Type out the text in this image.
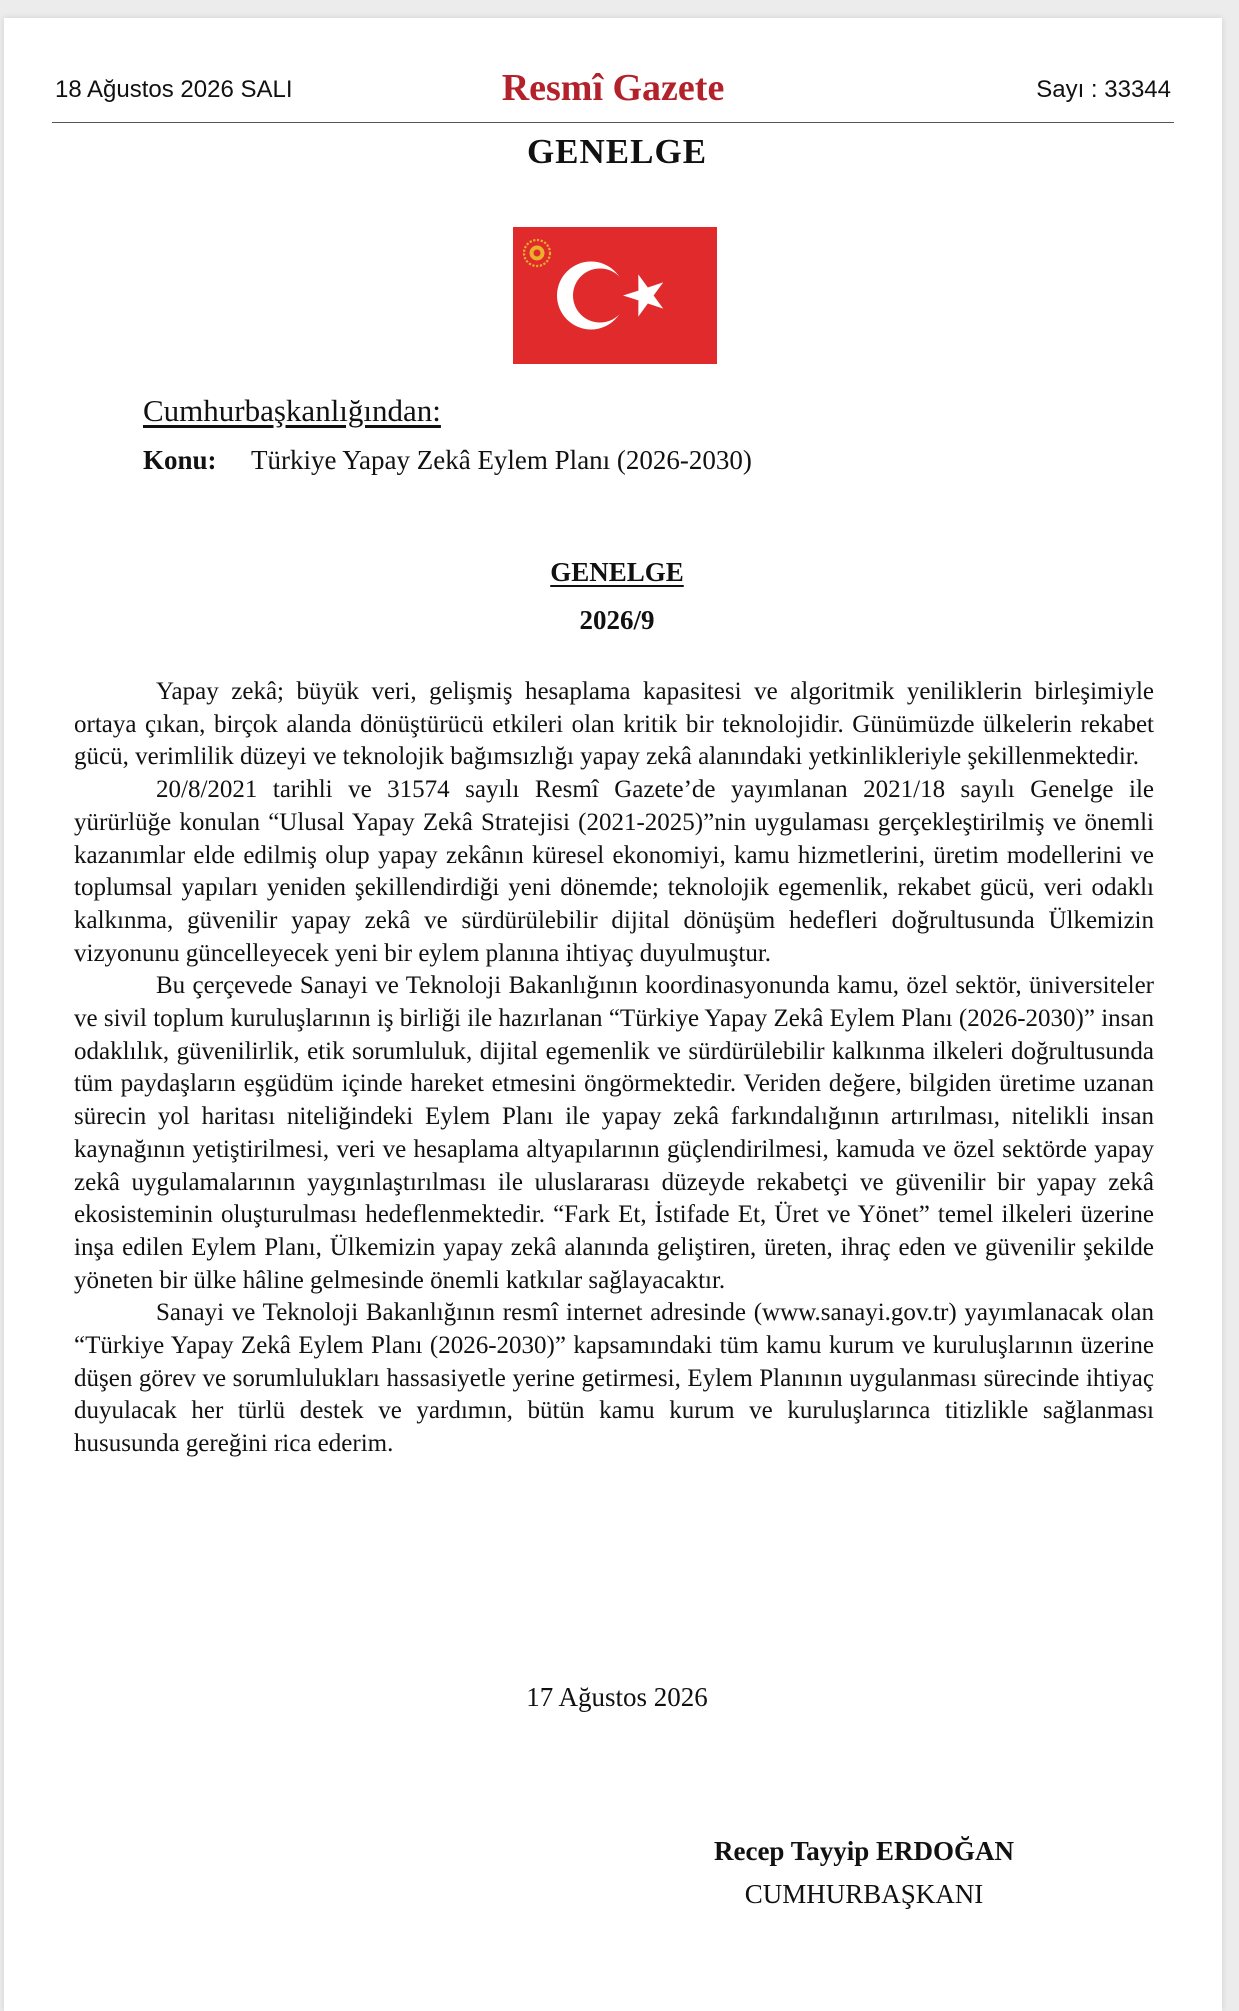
18 Ağustos 2026 SALI	Resmî Gazete	Sayı : 33344
GENELGE
Cumhurbaşkanlığından:
Konu: Türkiye Yapay Zekâ Eylem Planı (2026-2030)
GENELGE
2026/9

Yapay zekâ; büyük veri, gelişmiş hesaplama kapasitesi ve algoritmik yeniliklerin birleşimiyle ortaya çıkan, birçok alanda dönüştürücü etkileri olan kritik bir teknolojidir. Günümüzde ülkelerin rekabet gücü, verimlilik düzeyi ve teknolojik bağımsızlığı yapay zekâ alanındaki yetkinlikleriyle şekillenmektedir.

20/8/2021 tarihli ve 31574 sayılı Resmî Gazete’de yayımlanan 2021/18 sayılı Genelge ile yürürlüğe konulan “Ulusal Yapay Zekâ Stratejisi (2021-2025)”nin uygulaması gerçekleştirilmiş ve önemli kazanımlar elde edilmiş olup yapay zekânın küresel ekonomiyi, kamu hizmetlerini, üretim modellerini ve toplumsal yapıları yeniden şekillendirdiği yeni dönemde; teknolojik egemenlik, rekabet gücü, veri odaklı kalkınma, güvenilir yapay zekâ ve sürdürülebilir dijital dönüşüm hedefleri doğrultusunda Ülkemizin vizyonunu güncelleyecek yeni bir eylem planına ihtiyaç duyulmuştur.

Bu çerçevede Sanayi ve Teknoloji Bakanlığının koordinasyonunda kamu, özel sektör, üniversiteler ve sivil toplum kuruluşlarının iş birliği ile hazırlanan “Türkiye Yapay Zekâ Eylem Planı (2026-2030)” insan odaklılık, güvenilirlik, etik sorumluluk, dijital egemenlik ve sürdürülebilir kalkınma ilkeleri doğrultusunda tüm paydaşların eşgüdüm içinde hareket etmesini öngörmektedir. Veriden değere, bilgiden üretime uzanan sürecin yol haritası niteliğindeki Eylem Planı ile yapay zekâ farkındalığının artırılması, nitelikli insan kaynağının yetiştirilmesi, veri ve hesaplama altyapılarının güçlendirilmesi, kamuda ve özel sektörde yapay zekâ uygulamalarının yaygınlaştırılması ile uluslararası düzeyde rekabetçi ve güvenilir bir yapay zekâ ekosisteminin oluşturulması hedeflenmektedir. “Fark Et, İstifade Et, Üret ve Yönet” temel ilkeleri üzerine inşa edilen Eylem Planı, Ülkemizin yapay zekâ alanında geliştiren, üreten, ihraç eden ve güvenilir şekilde yöneten bir ülke hâline gelmesinde önemli katkılar sağlayacaktır.

Sanayi ve Teknoloji Bakanlığının resmî internet adresinde (www.sanayi.gov.tr) yayımlanacak olan “Türkiye Yapay Zekâ Eylem Planı (2026-2030)” kapsamındaki tüm kamu kurum ve kuruluşlarının üzerine düşen görev ve sorumlulukları hassasiyetle yerine getirmesi, Eylem Planının uygulanması sürecinde ihtiyaç duyulacak her türlü destek ve yardımın, bütün kamu kurum ve kuruluşlarınca titizlikle sağlanması hususunda gereğini rica ederim.

17 Ağustos 2026
Recep Tayyip ERDOĞAN
CUMHURBAŞKANI
